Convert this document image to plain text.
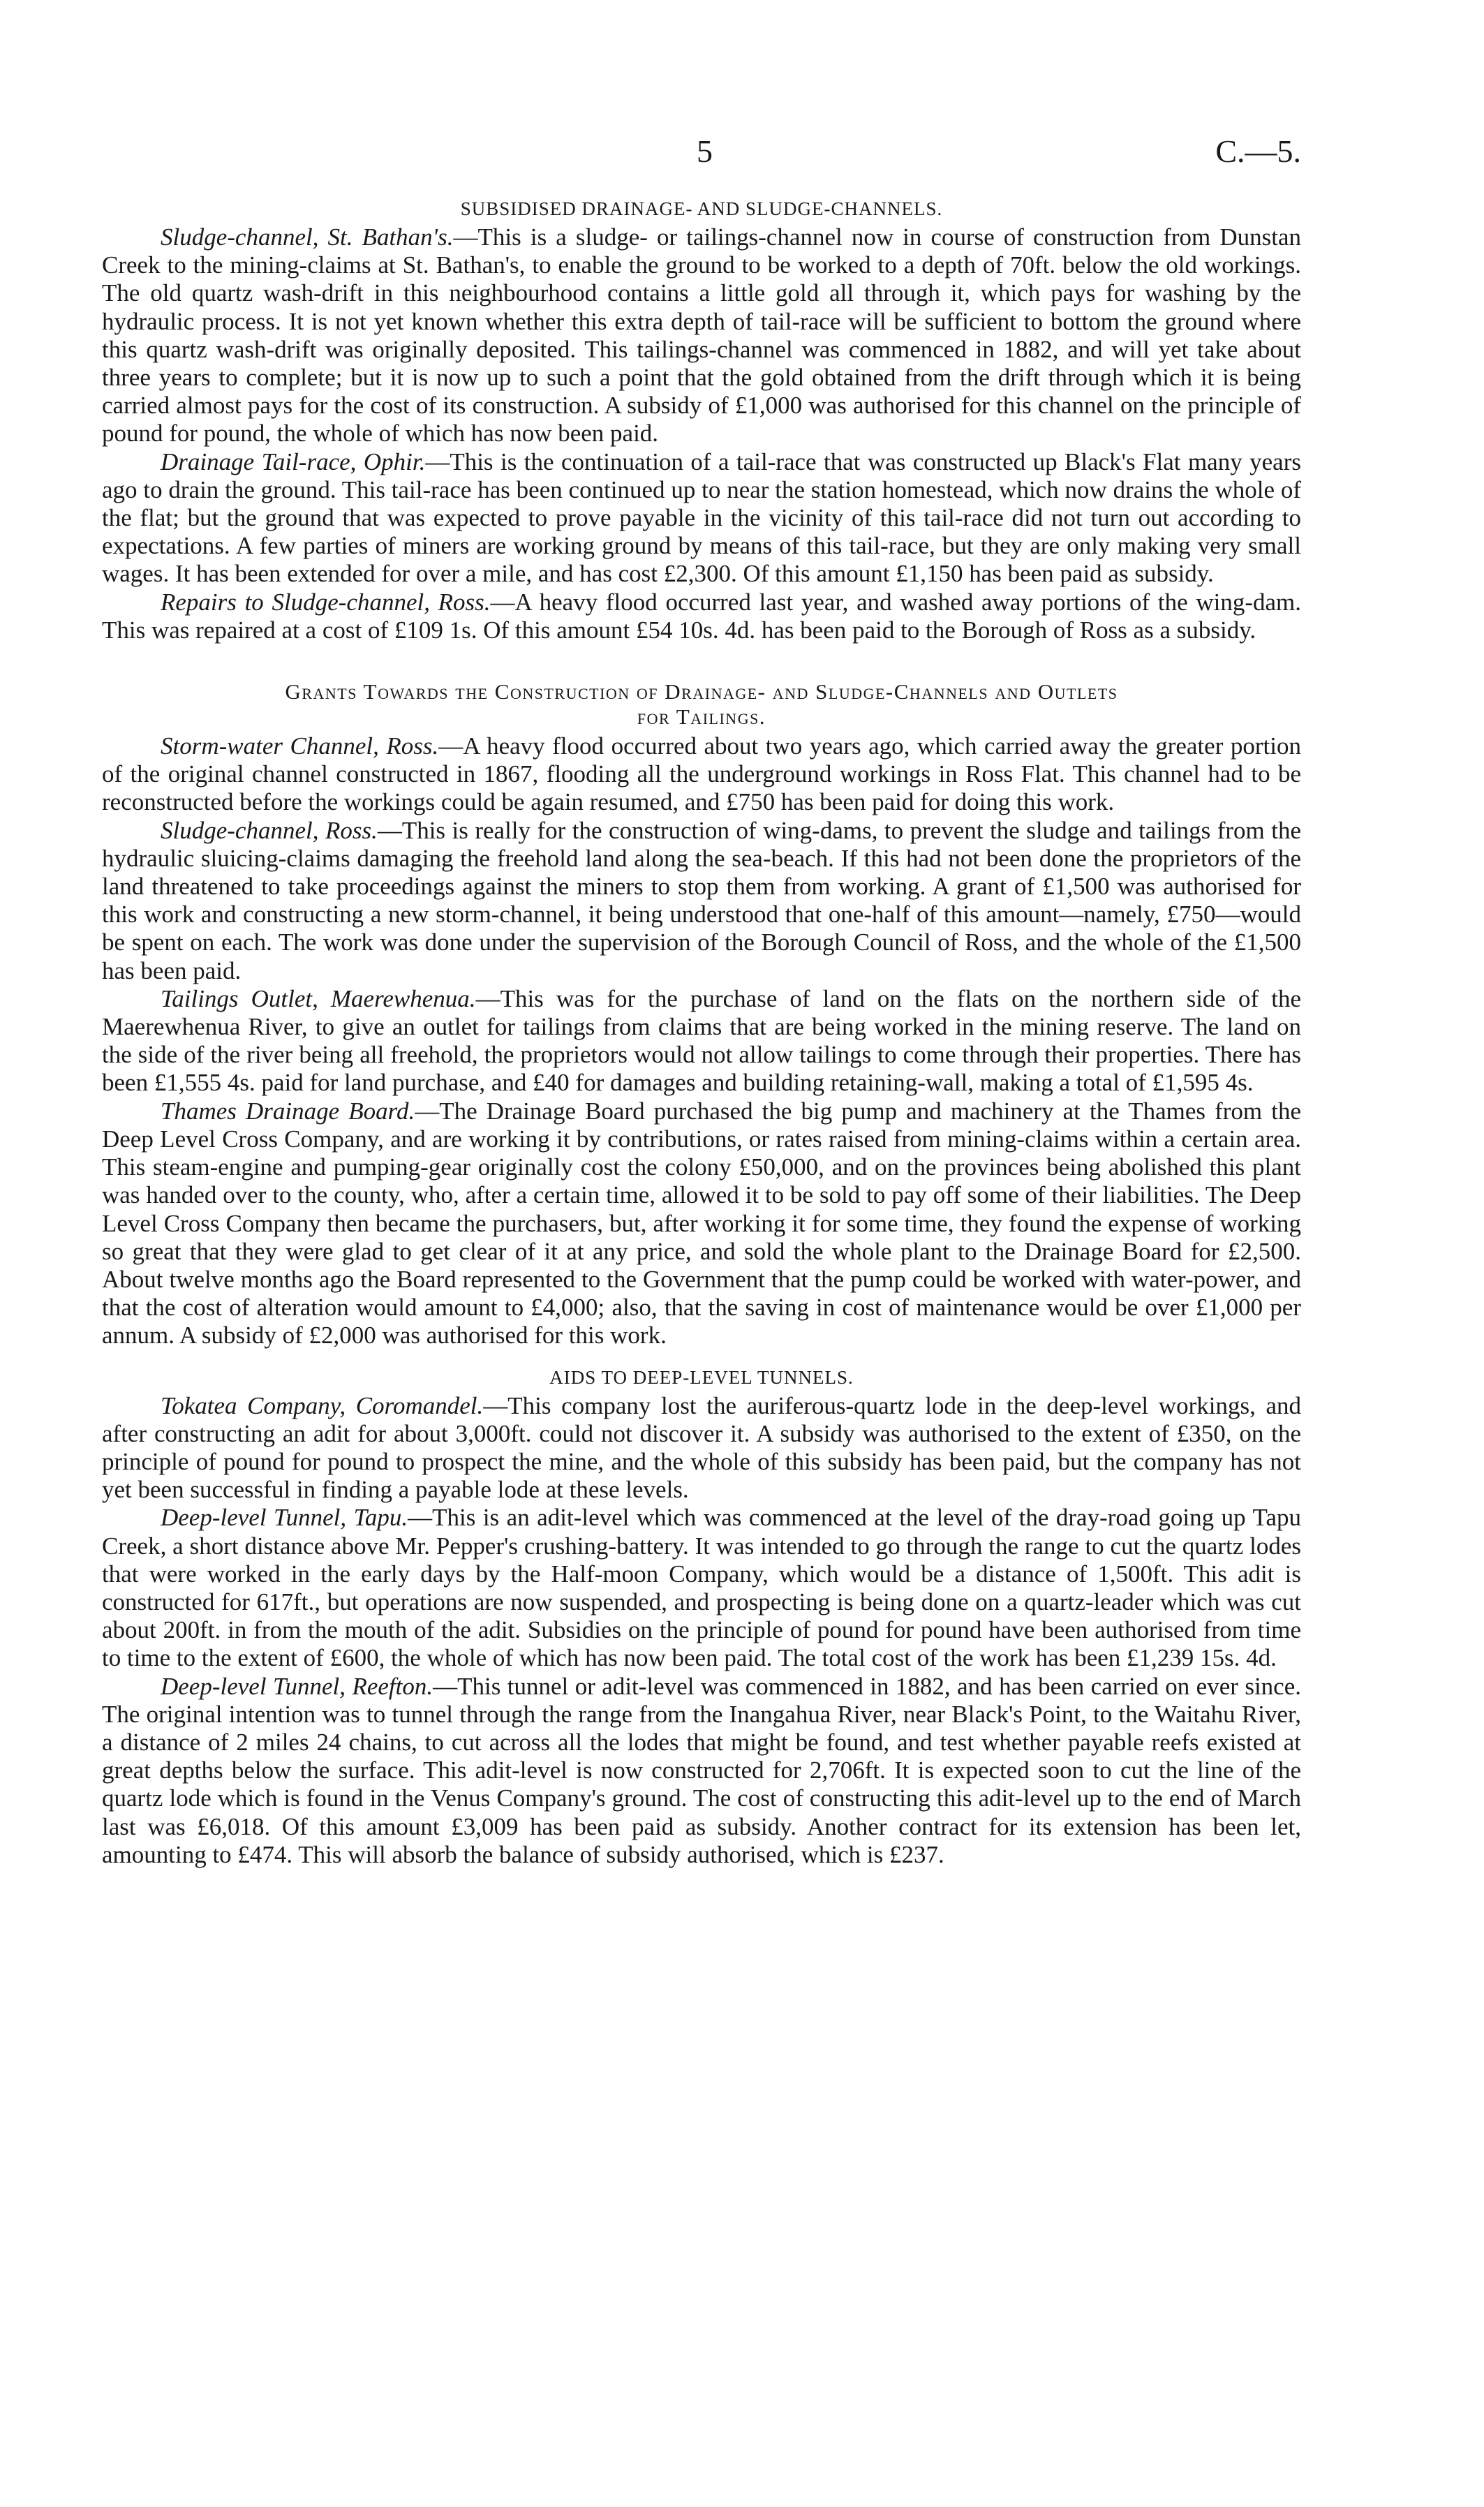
5	C.—5.
SUBSIDISED DRAINAGE- AND SLUDGE-CHANNELS.

Sludge-channel, St. Bathan's.—This is a sludge- or tailings-channel now in course of construction from Dunstan Creek to the mining-claims at St. Bathan's, to enable the ground to be worked to a depth of 70ft. below the old workings. The old quartz wash-drift in this neighbourhood contains a little gold all through it, which pays for washing by the hydraulic process. It is not yet known whether this extra depth of tail-race will be sufficient to bottom the ground where this quartz wash-drift was originally deposited. This tailings-channel was commenced in 1882, and will yet take about three years to complete; but it is now up to such a point that the gold obtained from the drift through which it is being carried almost pays for the cost of its construction. A subsidy of £1,000 was authorised for this channel on the principle of pound for pound, the whole of which has now been paid.

Drainage Tail-race, Ophir.—This is the continuation of a tail-race that was constructed up Black's Flat many years ago to drain the ground. This tail-race has been continued up to near the station homestead, which now drains the whole of the flat; but the ground that was expected to prove payable in the vicinity of this tail-race did not turn out according to expectations. A few parties of miners are working ground by means of this tail-race, but they are only making very small wages. It has been extended for over a mile, and has cost £2,300. Of this amount £1,150 has been paid as subsidy.

Repairs to Sludge-channel, Ross.—A heavy flood occurred last year, and washed away portions of the wing-dam. This was repaired at a cost of £109 1s. Of this amount £54 10s. 4d. has been paid to the Borough of Ross as a subsidy.

Grants Towards the Construction of Drainage- and Sludge-Channels and Outlets
for Tailings.

Storm-water Channel, Ross.—A heavy flood occurred about two years ago, which carried away the greater portion of the original channel constructed in 1867, flooding all the underground workings in Ross Flat. This channel had to be reconstructed before the workings could be again resumed, and £750 has been paid for doing this work.

Sludge-channel, Ross.—This is really for the construction of wing-dams, to prevent the sludge and tailings from the hydraulic sluicing-claims damaging the freehold land along the sea-beach. If this had not been done the proprietors of the land threatened to take proceedings against the miners to stop them from working. A grant of £1,500 was authorised for this work and constructing a new storm-channel, it being understood that one-half of this amount—namely, £750—would be spent on each. The work was done under the supervision of the Borough Council of Ross, and the whole of the £1,500 has been paid.

Tailings Outlet, Maerewhenua.—This was for the purchase of land on the flats on the northern side of the Maerewhenua River, to give an outlet for tailings from claims that are being worked in the mining reserve. The land on the side of the river being all freehold, the proprietors would not allow tailings to come through their properties. There has been £1,555 4s. paid for land purchase, and £40 for damages and building retaining-wall, making a total of £1,595 4s.

Thames Drainage Board.—The Drainage Board purchased the big pump and machinery at the Thames from the Deep Level Cross Company, and are working it by contributions, or rates raised from mining-claims within a certain area. This steam-engine and pumping-gear originally cost the colony £50,000, and on the provinces being abolished this plant was handed over to the county, who, after a certain time, allowed it to be sold to pay off some of their liabilities. The Deep Level Cross Company then became the purchasers, but, after working it for some time, they found the expense of working so great that they were glad to get clear of it at any price, and sold the whole plant to the Drainage Board for £2,500. About twelve months ago the Board represented to the Government that the pump could be worked with water-power, and that the cost of alteration would amount to £4,000; also, that the saving in cost of maintenance would be over £1,000 per annum. A subsidy of £2,000 was authorised for this work.

AIDS TO DEEP-LEVEL TUNNELS.

Tokatea Company, Coromandel.—This company lost the auriferous-quartz lode in the deep-level workings, and after constructing an adit for about 3,000ft. could not discover it. A subsidy was authorised to the extent of £350, on the principle of pound for pound to prospect the mine, and the whole of this subsidy has been paid, but the company has not yet been successful in finding a payable lode at these levels.

Deep-level Tunnel, Tapu.—This is an adit-level which was commenced at the level of the dray-road going up Tapu Creek, a short distance above Mr. Pepper's crushing-battery. It was intended to go through the range to cut the quartz lodes that were worked in the early days by the Half-moon Company, which would be a distance of 1,500ft. This adit is constructed for 617ft., but operations are now suspended, and prospecting is being done on a quartz-leader which was cut about 200ft. in from the mouth of the adit. Subsidies on the principle of pound for pound have been authorised from time to time to the extent of £600, the whole of which has now been paid. The total cost of the work has been £1,239 15s. 4d.

Deep-level Tunnel, Reefton.—This tunnel or adit-level was commenced in 1882, and has been carried on ever since. The original intention was to tunnel through the range from the Inangahua River, near Black's Point, to the Waitahu River, a distance of 2 miles 24 chains, to cut across all the lodes that might be found, and test whether payable reefs existed at great depths below the surface. This adit-level is now constructed for 2,706ft. It is expected soon to cut the line of the quartz lode which is found in the Venus Company's ground. The cost of constructing this adit-level up to the end of March last was £6,018. Of this amount £3,009 has been paid as subsidy. Another contract for its extension has been let, amounting to £474. This will absorb the balance of subsidy authorised, which is £237.
